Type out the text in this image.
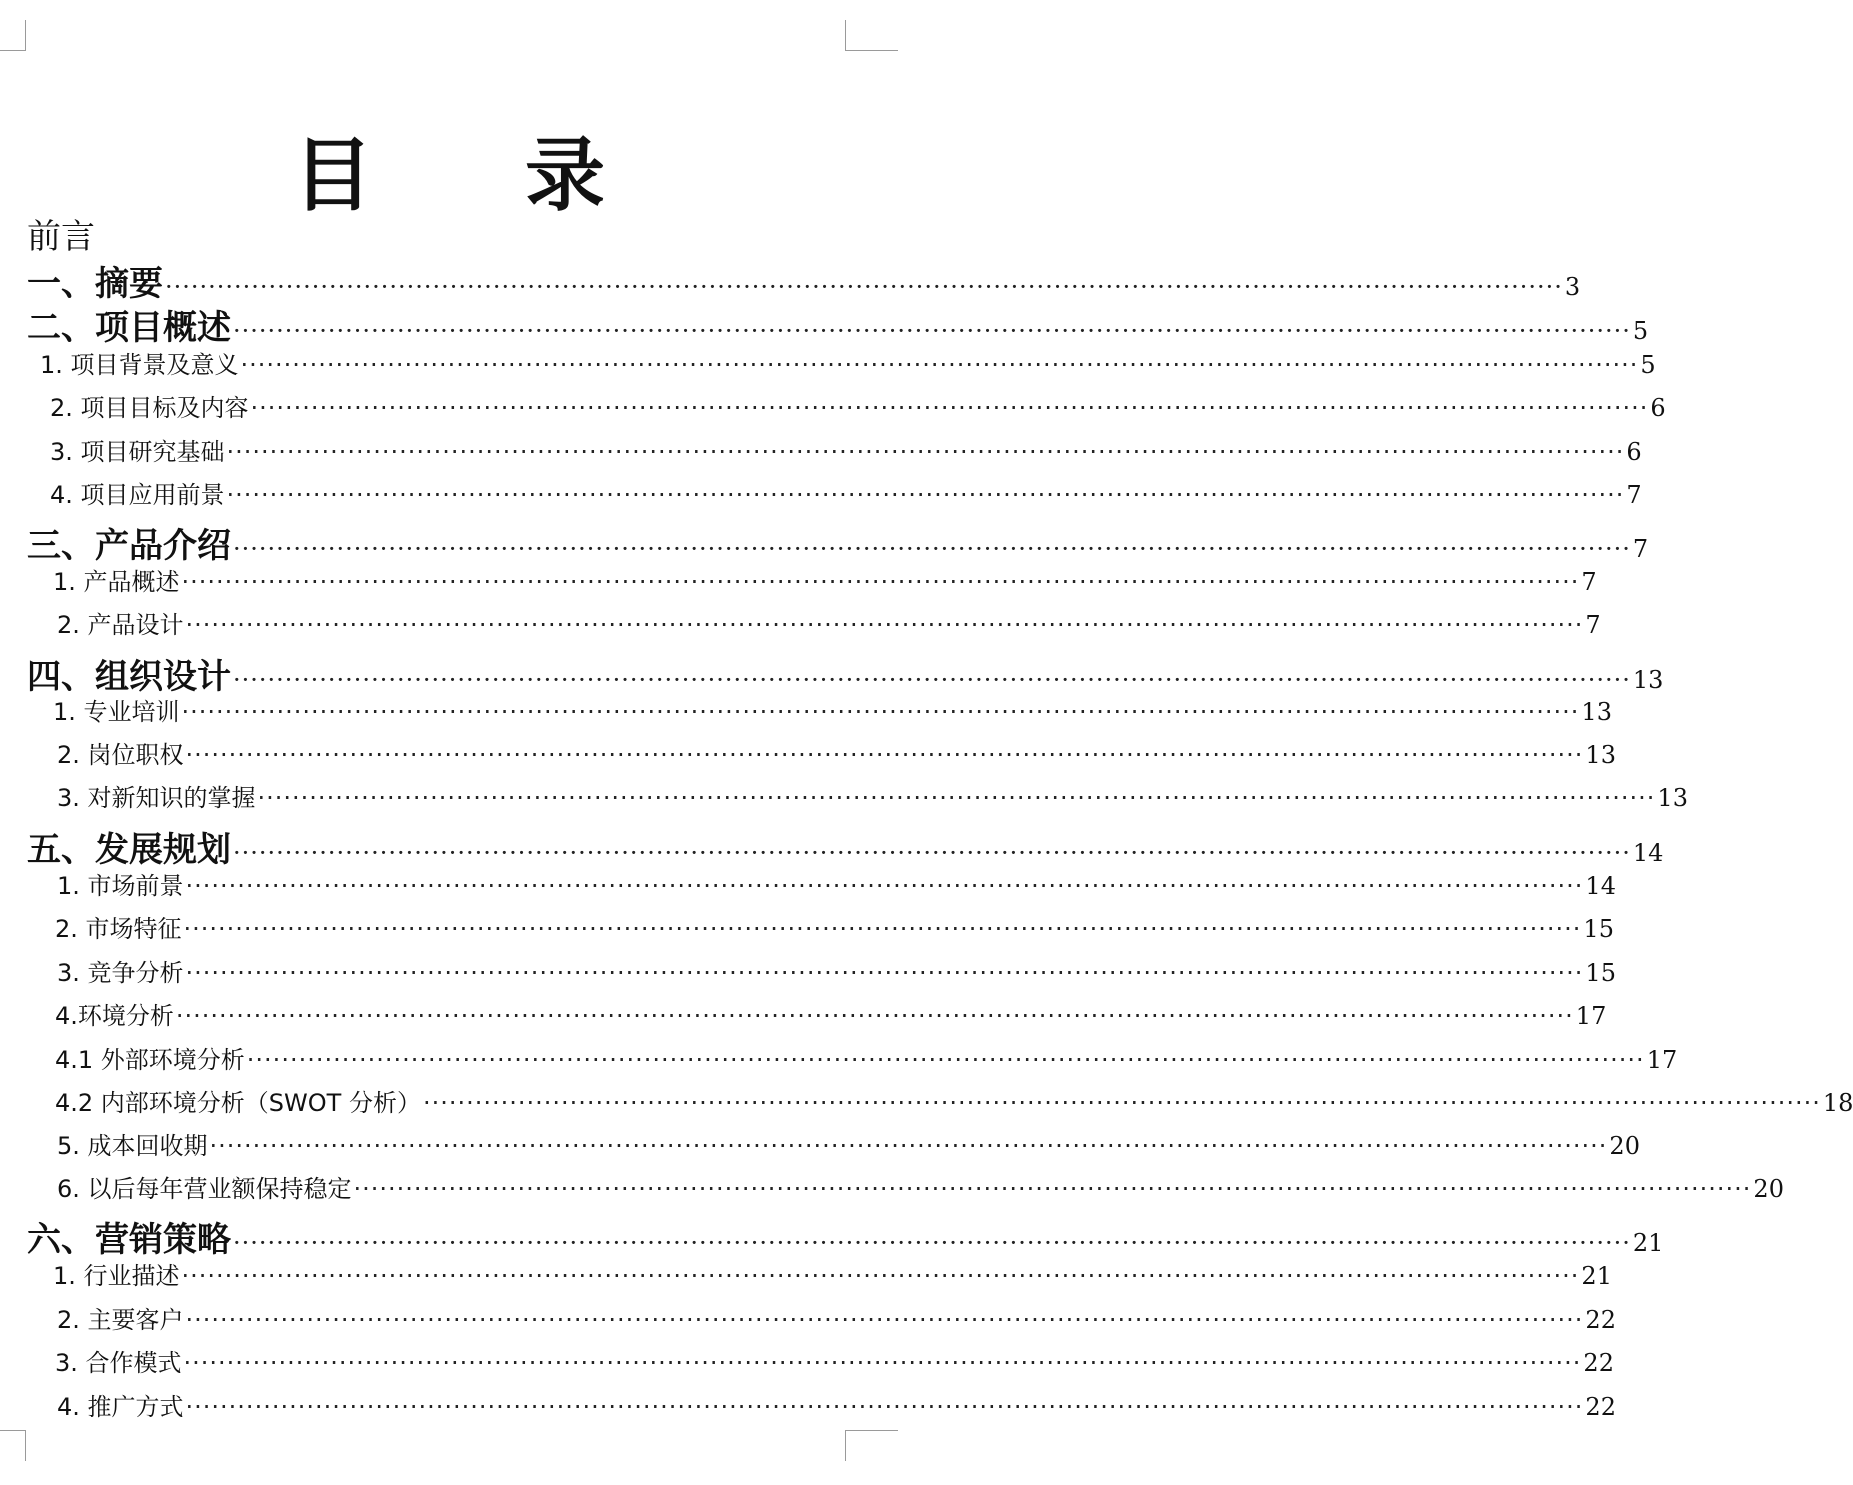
目　录
前言
一、摘要 ·································································································································································· 3
二、项目概述 ·································································································································································· 5
1. 项目背景及意义 ·································································································································································· 5
2. 项目目标及内容 ·································································································································································· 6
3. 项目研究基础 ·································································································································································· 6
4. 项目应用前景 ·································································································································································· 7
三、产品介绍 ·································································································································································· 7
1. 产品概述 ·································································································································································· 7
2. 产品设计 ·································································································································································· 7
四、组织设计 ·································································································································································· 13
1. 专业培训 ·································································································································································· 13
2. 岗位职权 ·································································································································································· 13
3. 对新知识的掌握 ·································································································································································· 13
五、发展规划 ·································································································································································· 14
1. 市场前景 ·································································································································································· 14
2. 市场特征 ·································································································································································· 15
3. 竞争分析 ·································································································································································· 15
4.环境分析 ·································································································································································· 17
4.1 外部环境分析 ·································································································································································· 17
4.2 内部环境分析（SWOT 分析） ·································································································································································· 18
5. 成本回收期 ·································································································································································· 20
6. 以后每年营业额保持稳定 ·································································································································································· 20
六、营销策略 ·································································································································································· 21
1. 行业描述 ·································································································································································· 21
2. 主要客户 ·································································································································································· 22
3. 合作模式 ·································································································································································· 22
4. 推广方式 ·································································································································································· 22
